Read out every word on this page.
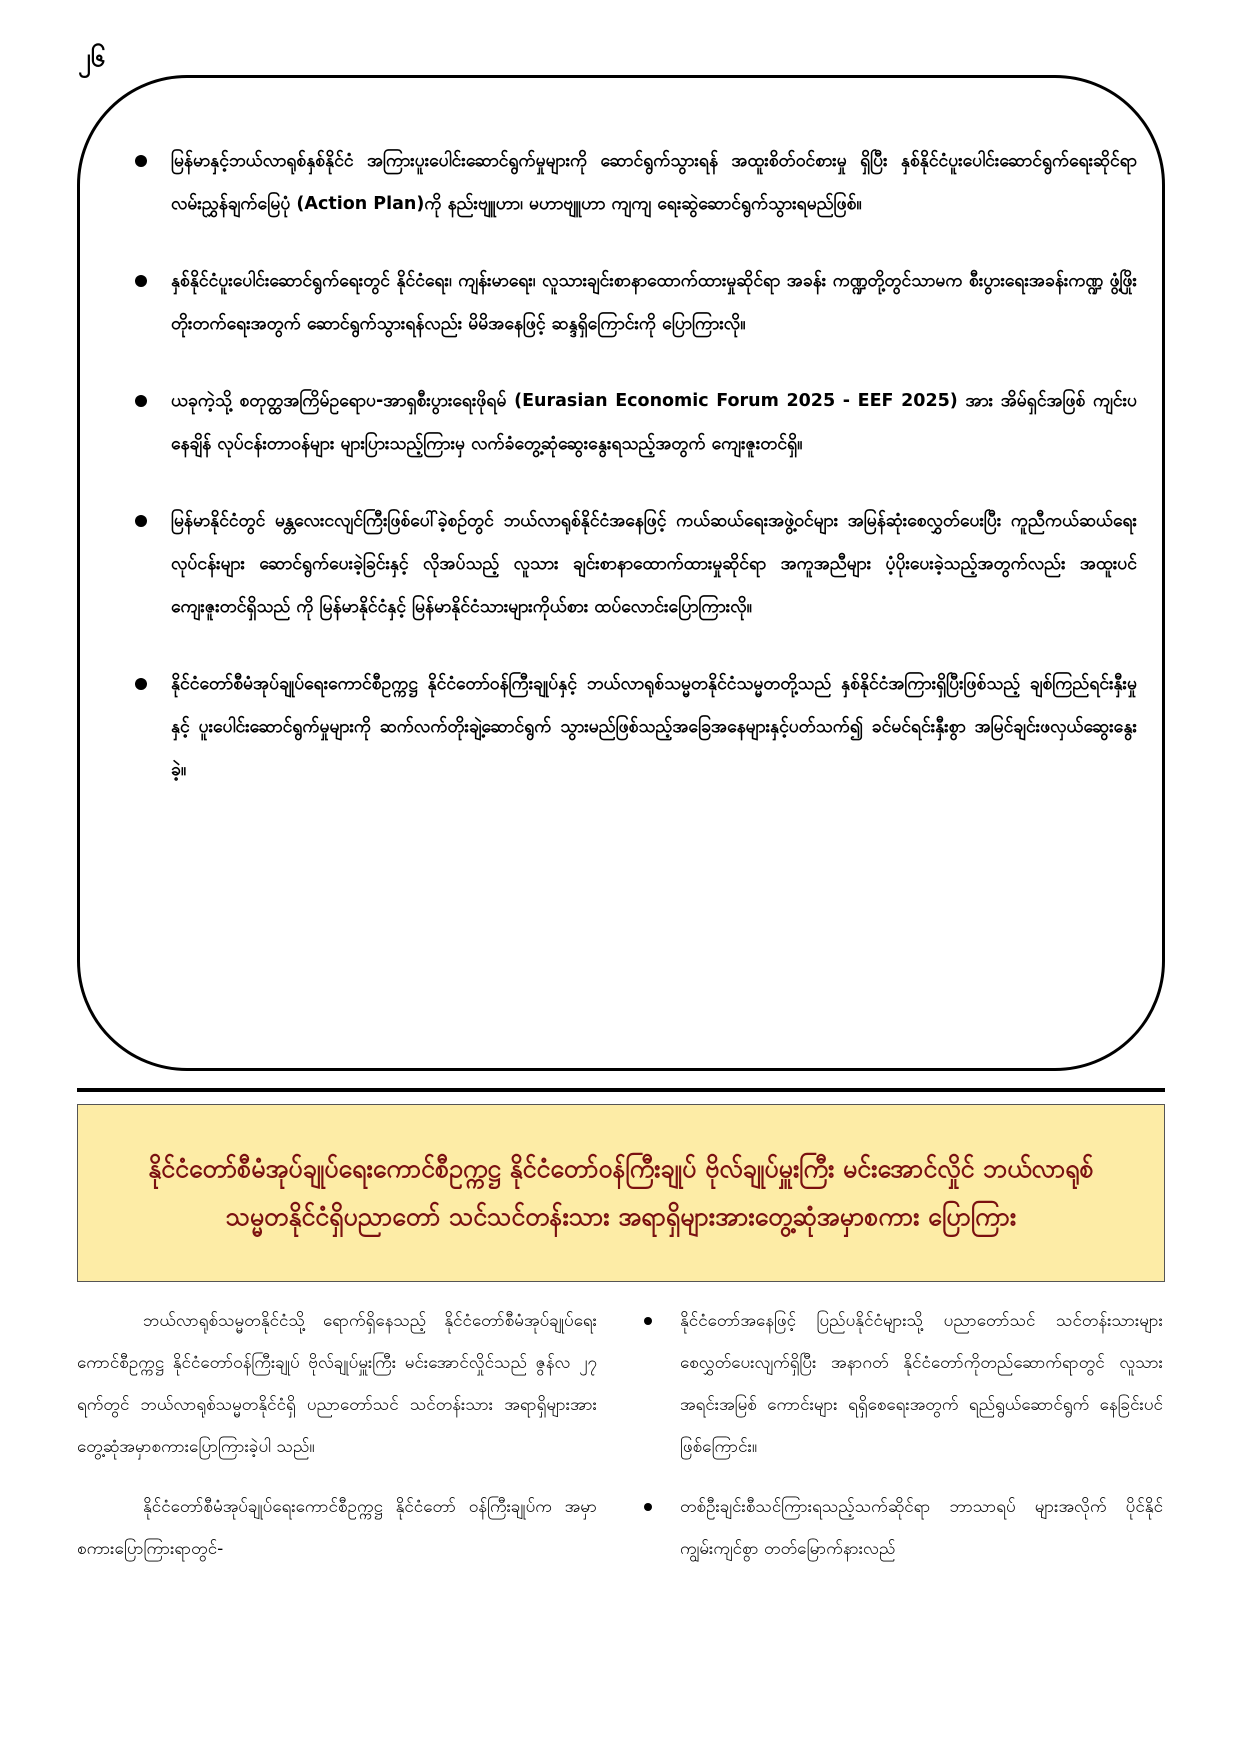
၂၆
မြန်မာနှင့်ဘယ်လာရုစ်နှစ်နိုင်ငံ အကြားပူးပေါင်းဆောင်ရွက်မှုများကို ဆောင်ရွက်သွားရန် အထူးစိတ်ဝင်စားမှု ရှိပြီး နှစ်နိုင်ငံပူးပေါင်းဆောင်ရွက်ရေးဆိုင်ရာ လမ်းညွှန်ချက်မြေပုံ (Action Plan)ကို နည်းဗျူဟာ၊ မဟာဗျူဟာ ကျကျ ရေးဆွဲဆောင်ရွက်သွားရမည်ဖြစ်။
နှစ်နိုင်ငံပူးပေါင်းဆောင်ရွက်ရေးတွင် နိုင်ငံရေး၊ ကျန်းမာရေး၊ လူသားချင်းစာနာထောက်ထားမှုဆိုင်ရာ အခန်း ကဏ္ဍတို့တွင်သာမက စီးပွားရေးအခန်းကဏ္ဍ ဖွံ့ဖြိုးတိုးတက်ရေးအတွက် ဆောင်ရွက်သွားရန်လည်း မိမိအနေဖြင့် ဆန္ဒရှိကြောင်းကို ပြောကြားလို။
ယခုကဲ့သို့ စတုတ္ထအကြိမ်ဥရောပ-အာရှစီးပွားရေးဖိုရမ် (Eurasian Economic Forum 2025 - EEF 2025) အား အိမ်ရှင်အဖြစ် ကျင်းပနေချိန် လုပ်ငန်းတာဝန်များ များပြားသည့်ကြားမှ လက်ခံတွေ့ဆုံဆွေးနွေးရသည့်အတွက် ကျေးဇူးတင်ရှိ။
မြန်မာနိုင်ငံတွင် မန္တလေးငလျင်ကြီးဖြစ်ပေါ်ခဲ့စဉ်တွင် ဘယ်လာရုစ်နိုင်ငံအနေဖြင့် ကယ်ဆယ်ရေးအဖွဲ့ဝင်များ အမြန်ဆုံးစေလွှတ်ပေးပြီး ကူညီကယ်ဆယ်ရေးလုပ်ငန်းများ ဆောင်ရွက်ပေးခဲ့ခြင်းနှင့် လိုအပ်သည့် လူသား ချင်းစာနာထောက်ထားမှုဆိုင်ရာ အကူအညီများ ပံ့ပိုးပေးခဲ့သည့်အတွက်လည်း အထူးပင်ကျေးဇူးတင်ရှိသည် ကို မြန်မာနိုင်ငံနှင့် မြန်မာနိုင်ငံသားများကိုယ်စား ထပ်လောင်းပြောကြားလို။
နိုင်ငံတော်စီမံအုပ်ချုပ်ရေးကောင်စီဥက္ကဋ္ဌ နိုင်ငံတော်ဝန်ကြီးချုပ်နှင့် ဘယ်လာရုစ်သမ္မတနိုင်ငံသမ္မတတို့သည် နှစ်နိုင်ငံအကြားရှိပြီးဖြစ်သည့် ချစ်ကြည်ရင်းနှီးမှုနှင့် ပူးပေါင်းဆောင်ရွက်မှုများကို ဆက်လက်တိုးချဲ့ဆောင်ရွက် သွားမည်ဖြစ်သည့်အခြေအနေများနှင့်ပတ်သက်၍ ခင်မင်ရင်းနှီးစွာ အမြင်ချင်းဖလှယ်ဆွေးနွေးခဲ့။
နိုင်ငံတော်စီမံအုပ်ချုပ်ရေးကောင်စီဥက္ကဋ္ဌ နိုင်ငံတော်ဝန်ကြီးချုပ် ဗိုလ်ချုပ်မှူးကြီး မင်းအောင်လှိုင် ဘယ်လာရုစ်သမ္မတနိုင်ငံရှိပညာတော် သင်သင်တန်းသား အရာရှိများအားတွေ့ဆုံအမှာစကား ပြောကြား

ဘယ်လာရုစ်သမ္မတနိုင်ငံသို့ ရောက်ရှိနေသည့် နိုင်ငံတော်စီမံအုပ်ချုပ်ရေးကောင်စီဥက္ကဋ္ဌ နိုင်ငံတော်ဝန်ကြီးချုပ် ဗိုလ်ချုပ်မှူးကြီး မင်းအောင်လှိုင်သည် ဇွန်လ ၂၇ ရက်တွင် ဘယ်လာရုစ်သမ္မတနိုင်ငံရှိ ပညာတော်သင် သင်တန်းသား အရာရှိများအား တွေ့ဆုံအမှာစကားပြောကြားခဲ့ပါ သည်။

နိုင်ငံတော်စီမံအုပ်ချုပ်ရေးကောင်စီဥက္ကဋ္ဌ နိုင်ငံတော် ဝန်ကြီးချုပ်က အမှာစကားပြောကြားရာတွင်-

နိုင်ငံတော်အနေဖြင့် ပြည်ပနိုင်ငံများသို့ ပညာတော်သင် သင်တန်းသားများ စေလွှတ်ပေးလျက်ရှိပြီး အနာဂတ် နိုင်ငံတော်ကိုတည်ဆောက်ရာတွင် လူသားအရင်းအမြစ် ကောင်းများ ရရှိစေရေးအတွက် ရည်ရွယ်ဆောင်ရွက် နေခြင်းပင်ဖြစ်ကြောင်း။
တစ်ဦးချင်းစီသင်ကြားရသည့်သက်ဆိုင်ရာ ဘာသာရပ် များအလိုက် ပိုင်နိုင်ကျွမ်းကျင်စွာ တတ်မြောက်နားလည်
